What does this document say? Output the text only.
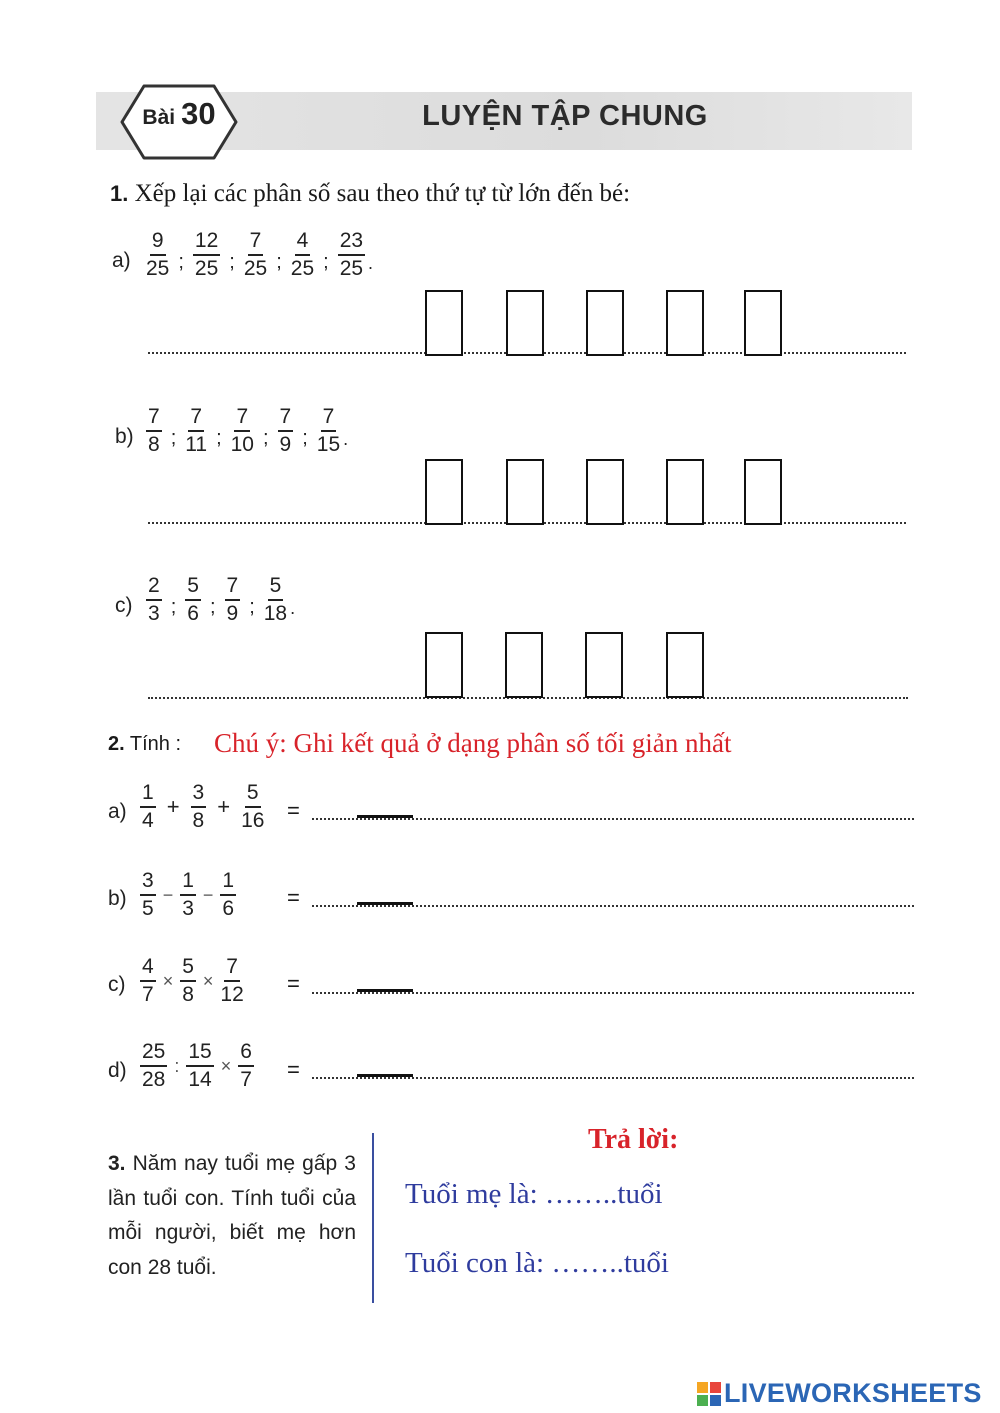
Bài 30	LUYỆN TẬP CHUNG
1. Xếp lại các phân số sau theo thứ tự từ lớn đến bé:
$a) \frac{9}{25}$ ; $\frac{12}{25}$ ; $\frac{7}{25}$ ; $\frac{4}{25}$ ; $\frac{23}{25}$ .
$b) \frac{7}{8}$ ; $\frac{7}{11}$ ; $\frac{7}{10}$ ; $\frac{7}{9}$ ; $\frac{7}{15}$ .
$c) \frac{2}{3}$ ; $\frac{5}{6}$ ; $\frac{7}{9}$ ; $\frac{5}{18}$ .
2. Tính : Chú ý: Ghi kết quả ở dạng phân số tối giản nhất
$a) \frac{1}{4} + \frac{3}{8} + \frac{5}{16}$ =
$b) \frac{3}{5} - \frac{1}{3} - \frac{1}{6}$ =
$c) \frac{4}{7} \times \frac{5}{8} \times \frac{7}{12}$ =
$d) \frac{25}{28}$ : $\frac{15}{14} \times \frac{6}{7}$ =
3. Năm nay tuổi mẹ gấp 3 lần tuổi con. Tính tuổi của mỗi người, biết mẹ hơn con 28 tuổi.
Trả lời:
Tuổi mẹ là: ……..tuổi
Tuổi con là: ……..tuổi
LIVEWORKSHEETS
